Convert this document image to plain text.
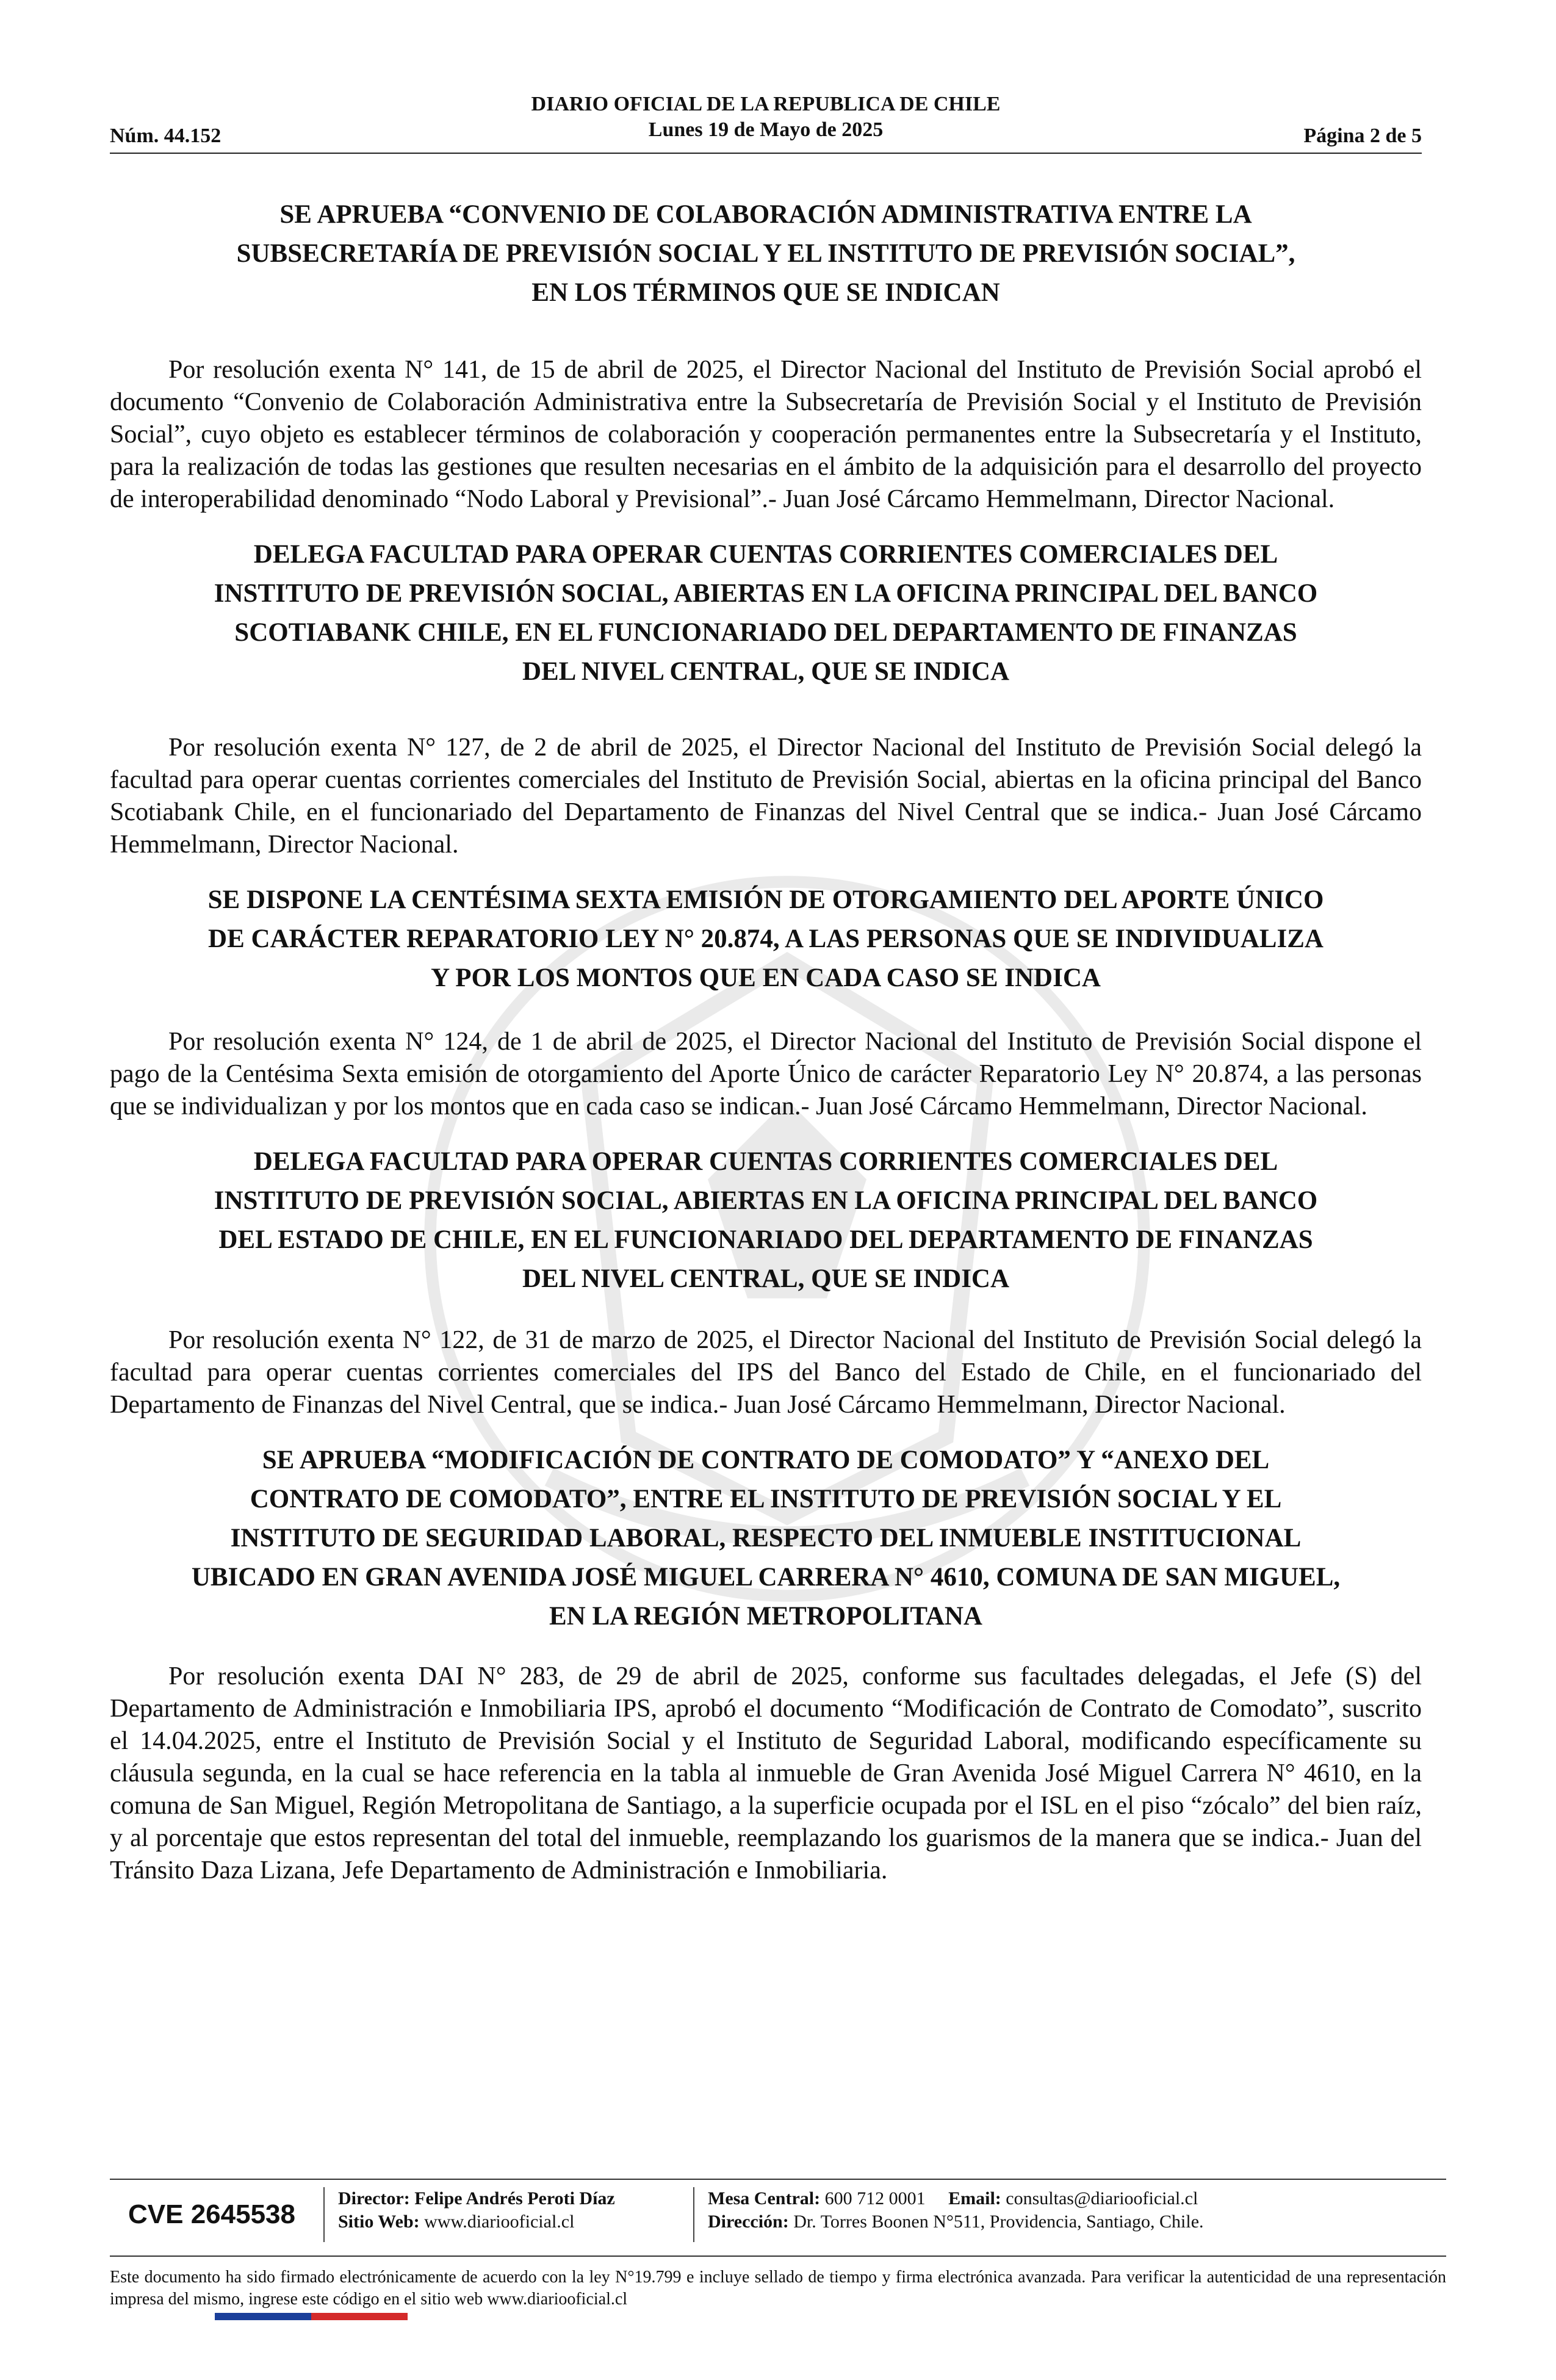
DIARIO OFICIAL DE LA REPUBLICA DE CHILE
Lunes 19 de Mayo de 2025
Núm. 44.152	Página 2 de 5
SE APRUEBA “CONVENIO DE COLABORACIÓN ADMINISTRATIVA ENTRE LA SUBSECRETARÍA DE PREVISIÓN SOCIAL Y EL INSTITUTO DE PREVISIÓN SOCIAL”, EN LOS TÉRMINOS QUE SE INDICAN

Por resolución exenta N° 141, de 15 de abril de 2025, el Director Nacional del Instituto de Previsión Social aprobó el documento “Convenio de Colaboración Administrativa entre la Subsecretaría de Previsión Social y el Instituto de Previsión Social”, cuyo objeto es establecer términos de colaboración y cooperación permanentes entre la Subsecretaría y el Instituto, para la realización de todas las gestiones que resulten necesarias en el ámbito de la adquisición para el desarrollo del proyecto de interoperabilidad denominado “Nodo Laboral y Previsional”.- Juan José Cárcamo Hemmelmann, Director Nacional.

DELEGA FACULTAD PARA OPERAR CUENTAS CORRIENTES COMERCIALES DEL INSTITUTO DE PREVISIÓN SOCIAL, ABIERTAS EN LA OFICINA PRINCIPAL DEL BANCO SCOTIABANK CHILE, EN EL FUNCIONARIADO DEL DEPARTAMENTO DE FINANZAS DEL NIVEL CENTRAL, QUE SE INDICA

Por resolución exenta N° 127, de 2 de abril de 2025, el Director Nacional del Instituto de Previsión Social delegó la facultad para operar cuentas corrientes comerciales del Instituto de Previsión Social, abiertas en la oficina principal del Banco Scotiabank Chile, en el funcionariado del Departamento de Finanzas del Nivel Central que se indica.- Juan José Cárcamo Hemmelmann, Director Nacional.

SE DISPONE LA CENTÉSIMA SEXTA EMISIÓN DE OTORGAMIENTO DEL APORTE ÚNICO DE CARÁCTER REPARATORIO LEY N° 20.874, A LAS PERSONAS QUE SE INDIVIDUALIZA Y POR LOS MONTOS QUE EN CADA CASO SE INDICA

Por resolución exenta N° 124, de 1 de abril de 2025, el Director Nacional del Instituto de Previsión Social dispone el pago de la Centésima Sexta emisión de otorgamiento del Aporte Único de carácter Reparatorio Ley N° 20.874, a las personas que se individualizan y por los montos que en cada caso se indican.- Juan José Cárcamo Hemmelmann, Director Nacional.

DELEGA FACULTAD PARA OPERAR CUENTAS CORRIENTES COMERCIALES DEL INSTITUTO DE PREVISIÓN SOCIAL, ABIERTAS EN LA OFICINA PRINCIPAL DEL BANCO DEL ESTADO DE CHILE, EN EL FUNCIONARIADO DEL DEPARTAMENTO DE FINANZAS DEL NIVEL CENTRAL, QUE SE INDICA

Por resolución exenta N° 122, de 31 de marzo de 2025, el Director Nacional del Instituto de Previsión Social delegó la facultad para operar cuentas corrientes comerciales del IPS del Banco del Estado de Chile, en el funcionariado del Departamento de Finanzas del Nivel Central, que se indica.- Juan José Cárcamo Hemmelmann, Director Nacional.

SE APRUEBA “MODIFICACIÓN DE CONTRATO DE COMODATO” Y “ANEXO DEL CONTRATO DE COMODATO”, ENTRE EL INSTITUTO DE PREVISIÓN SOCIAL Y EL INSTITUTO DE SEGURIDAD LABORAL, RESPECTO DEL INMUEBLE INSTITUCIONAL UBICADO EN GRAN AVENIDA JOSÉ MIGUEL CARRERA N° 4610, COMUNA DE SAN MIGUEL, EN LA REGIÓN METROPOLITANA

Por resolución exenta DAI N° 283, de 29 de abril de 2025, conforme sus facultades delegadas, el Jefe (S) del Departamento de Administración e Inmobiliaria IPS, aprobó el documento “Modificación de Contrato de Comodato”, suscrito el 14.04.2025, entre el Instituto de Previsión Social y el Instituto de Seguridad Laboral, modificando específicamente su cláusula segunda, en la cual se hace referencia en la tabla al inmueble de Gran Avenida José Miguel Carrera N° 4610, en la comuna de San Miguel, Región Metropolitana de Santiago, a la superficie ocupada por el ISL en el piso “zócalo” del bien raíz, y al porcentaje que estos representan del total del inmueble, reemplazando los guarismos de la manera que se indica.- Juan del Tránsito Daza Lizana, Jefe Departamento de Administración e Inmobiliaria.

CVE 2645538
Director: Felipe Andrés Peroti Díaz
Sitio Web: www.diariooficial.cl
Mesa Central: 600 712 0001 Email: consultas@diariooficial.cl
Dirección: Dr. Torres Boonen N°511, Providencia, Santiago, Chile.
Este documento ha sido firmado electrónicamente de acuerdo con la ley N°19.799 e incluye sellado de tiempo y firma electrónica avanzada. Para verificar la autenticidad de una representación impresa del mismo, ingrese este código en el sitio web www.diariooficial.cl
